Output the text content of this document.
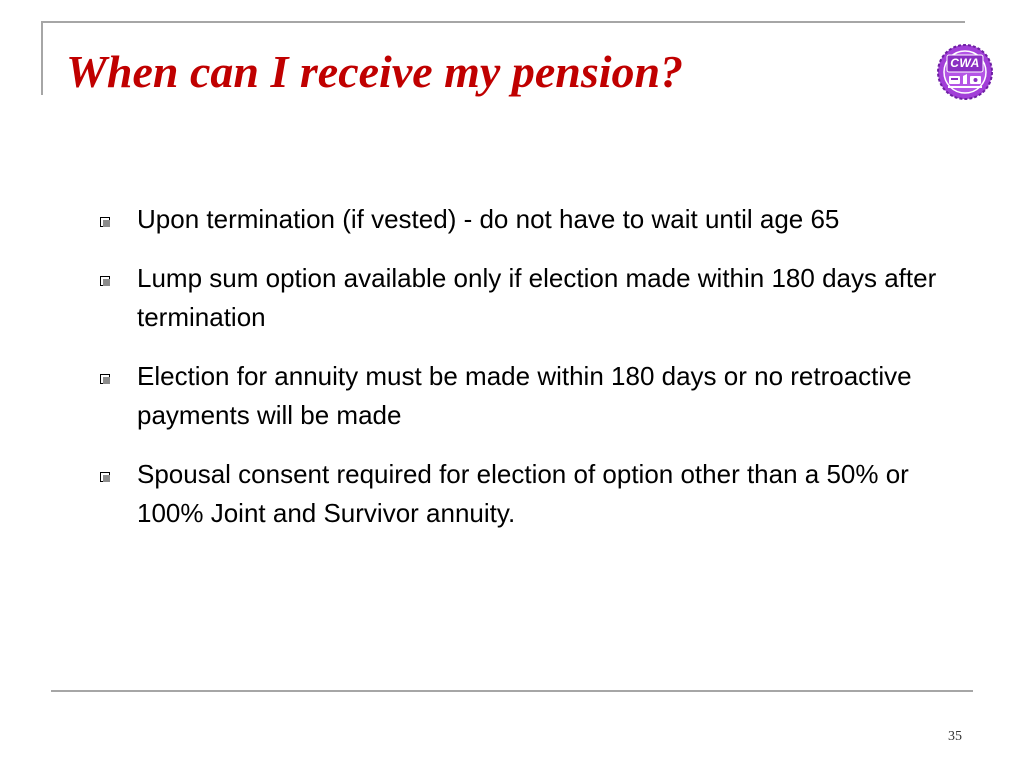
When can I receive my pension?	CWA
Upon termination (if vested) - do not have to wait until age 65
Lump sum option available only if election made within 180 days after termination
Election for annuity must be made within 180 days or no retroactive payments will be made
Spousal consent required for election of option other than a 50% or 100% Joint and Survivor annuity.
35
